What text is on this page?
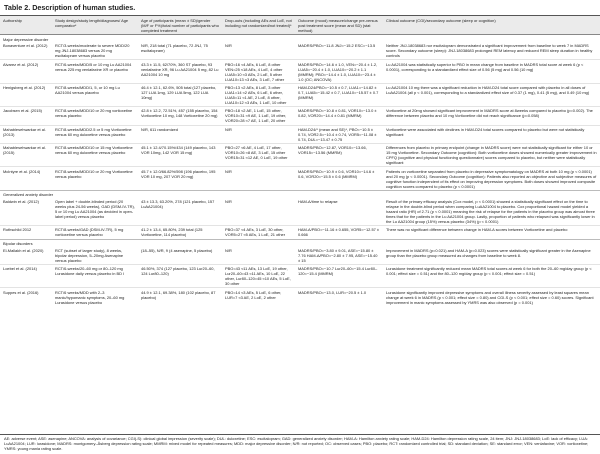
Table 2. Description of human studies.
Authorship	Study design/study length/diagnoses/ Age comparator*	Age of participants (mean ± SD)/gender (M/F or F%)/total number of participants who completed treatment	Drop-outs (including AEs and LoE, not including not randomized/not treated)*	Outcome (mood) measure/change pre-versus post treatment score (mean and SD) (stat method)	Clinical outcome (CGI)/secondary outcome (sleep or cognition)
Major depressive disorder					
Bonaventure et al. (2012)	RCT/3-weeks/moderate to severe MDD/20 mg JNJ-18038683 versus 20 mg escitalopram versus placebo	N/R, 218 total (71 placebo, 72 JNJ, 75 escitalopram)	N/R	MADRS/PBO=−11.8 JNJ=−15.2 ESC=−13.5	Neither JNJ-18038683 nor escitalopram demonstrated a significant improvement from baseline to week 7 in MADRS score. Secondary outcome (sleep): JNJ-18038683 prolonged REM latency and reduced REM sleep duration in healthy controls
Alvarez et al. (2012)	RCT/6-weeks/MDD/5 or 10 mg Lu AA21004 versus 225 mg venlafaxine XR or placebo	43.3 ± 11.5, 62/70%, 360 ST placebo, 93 venlafaxine XR, 96 Lu AA21004 5 mg, 82 Lu AA21004 10 mg	PBO=16 ≈4 AEs, 6 LoE, 8 other VEN=25 ≈18 AEs, 4 LoE, 4 other LUA5=10 ≈3 AEs, 2 LoE, 5 other LUA10=13 ≈3 AEs, 3 LoE, 7 other	MADRS/PBO=−14.6 ± 1.0, VEN=−20.4 ± 1.2, LUA5=−20.4 ± 1.0, LUA10=−20.2 ± 1.1 (MMRM); PBO=−14.4 ± 1.0, LUA10=−23.4 ± 1.0 (OC; ANCOVA)	Lu AA21004 was statistically superior to PBO in mean change from baseline in MADRS total score at week 6 (p < 0.0001), corresponding to a standardized effect size of 0.56 (5 mg) and 0.56 (10 mg)
Henigsberg et al. (2012)	RCT/8-weeks/MDD/1, 5, or 10 mg Lu AA21004 versus placebo	46.4 ± 12.1, 62.6%, 505 total (127 placebo, 127 LUA 1mg, 129 LUA 5mg, 122 LUA 10mg)	PBO=13 ≈2 AEs, 8 LoE, 3 other LUA1=14 ≈2 AEs, 6 LoE, 6 other, LUA5=11 ≈1 AE, 2 LoE, 8 other, LUA10=12 ≈3 AEs, 1 LoE, 10 other	HAM-D24/PBO=−10.5 ± 0.7, LUA1=−14.82 ± 0.7, LUA5=−15.42 ± 0.7, LUA10=−15.57 ± 0.7 (MMRM)	Lu AA21004 10 mg there was a significant reduction in HAM-D24 total score compared with placebo in all doses of LuAA21004 (all p < 0.001), corresponding to a standardized effect size of 0.37 (1 mg), 0.41 (5 mg), and 0.49 (10 mg)
Jacobsen et al. (2015)	RCT/8-weeks/MDD/10 or 20 mg vortioxetine versus placebo	42.8 ± 12.2, 72.51%, 457 (155 placebo, 154 Vortioxetine 10 mg, 148 Vortioxetine 20 mg)	PBO=18 ≈2 AE, 1 LoE, 15 other, VOR10=31 ≈9 AE, 1 LoE, 19 other, VOR20=28 ≈7 AE, 1 LoE, 20 other	MADRS/PBO=−10.8 ± 0.81, VOR10=−13.0 ± 0.82, VOR20=−14.4 ± 0.81 (MMRM)	Vortioxetine at 20mg showed significant improvement in MADRS score at 8weeks compared to placebo (p=0.002). The difference between placebo and 10 mg Vortioxetine did not reach significance (p=0.058)
Mahablesehwarkar et al. (2013)	RCT/8-weeks/MDD/2.5 or 5 mg Vortioxetine versus 60 mg duloxetine versus placebo	N/R, 611 randomized	N/R	HAM-D24/* (mean and SE)*, PBO=−10.5 ± 0.74, VOR2.5=−10.4 ± 0.74, VOR5=−11.08 ± 0.74, DUL=−13.47 ± 0.75	Vortioxetine were associated with declines in HAM-D24 total scores compared to placebo but were not statistically significant
Mahablesehwarkar et al. (2015)	RCT/8-weeks/MDD/10 or 15 mg Vortioxetine versus 60 mg duloxetine versus placebo	45.1 ± 12.4/70.15%/434 (149 placebo, 143 VOR 10mg, 142 VOR 15 mg)	PBO=27 ≈6 AE, 4 LoE, 17 other, VOR10=26 ≈8 AE, 3 LoE, 15 other VOR15=31 ≈12 AE, 0 LoE, 19 other	MADRS/PBO=−12.87, VOR10=−13.66, VOR15=−13.56 (MMRM)	Differences from placebo in primary endpoint (change in MADRS score) were not statistically significant for either 10 or 15 mg Vortioxetine. Secondary Outcome (cognition): Both vortioxetine doses showed numerically greater improvement in CPFQ (cognitive and physical functioning questionnaire) scores compared to placebo, but neither were statistically significant
McIntyre et al. (2014)	RCT/8-weeks/MDD/10 or 20 mg Vortioxetine versus placebo	45.7 ± 12.0/66.82%/598 (196 placebo, 195 VOR 10 mg, 207 VOR 20 mg)	N/R	MADRS/PBO=−10.9 ± 0.6, VOR10=−14.6 ± 0.6, VOR20=−15.5 ± 0.6 (MMRM)	Patients on vortioxetine separated from placebo in depressive symptomatology on MADRS at both 10 mg (p < 0.0001) and 20 mg (p < 0.0001). Secondary Outcome (cognition): Patients also reported an objective and subjective measures of cognitive function independent of its effect on improving depression symptoms. Both doses showed improved composite cognition scores compared to placebo (p < 0.0001)
Generalized anxiety disorder					
Baldwin et al. (2012)	Open label + double-blinded period (20 weeks plus 24-56 weeks), GAD (DSM-IV-TR), 5 or 10 mg Lu AA21004 (as decided in open-label period) versus placebo	43 ± 13.3, 63.20%, 278 (121 placebo, 157 LuAA21004)	N/R	HAM-A/time to relapse	Result of the primary efficacy analysis (Cox model, p < 0.0001) showed a statistically significant effect on the time to relapse in the double-blind period when comparing LuAA21004 to placebo. Cox proportional hazard model yielded a hazard ratio (HR) of 2.71 (p < 0.0001) meaning the risk of relapse for the patients in the placebo group was almost three times that for the patients in the Lu AA21004 group. Lastly, proportion of patients who relapsed was significantly lower in the Lu AA21004 group (15%) versus placebo (34%) (p < 0.0001)
Rothschild 2012	RCT/8-weeks/GAD (DSM-IV-TR), 5 mg vortioxetine versus placebo	41.2 ± 13.4, 65.80%, 239 total (125 Vortioxetine, 114 placebo)	PBO=37 ≈4 AEs, 3 LoE, 30 other, VOR5=27 ≈5 AEs, 1 LoE, 21 other	HAM-A/PBO=−11.16 ± 0.655, VOR5=−12.57 ± 0.666	There was no significant difference between change in HAM-A scores between Vortioxetine and placebo
Bipolar disorders					
El-Mallakh et al. (2020)	RCT (subset of larger study), 8 weeks, bipolar depression, 5–20mg Asenapine versus placebo	(18–55), N/R, 9 (4 asenapine, 5 placebo)	N/R	MADRS/PBO=−3.80 ± 9.01, ASE=−15.80 ± 7.76 HAM-A/PBO=−2.80 ± 7.95, ASE=−15.40 ± 15	Improvement in MADRS (p=0.021) and HAM-A (p=0.023) scores were statistically significant greater in the Asenapine group than the placebo group measured as changes from baseline to week 8.
Loebel et al. (2014)	RCT/6-weeks/20–60 mg or 80–120 mg Lurasidone daily versus placebo in BD I	46.50%, 374 (127 placebo, 123 Lur20–60, 124 Lur80–120)	PBO=43 ≈11 AEs, 13 LoE, 19 other, Lur20–60=43 ≈11 AEs, 10 LoE, 22 other, Lur80–120=45 ≈10 AEs, 5 LoE, 30 other	MADRS/PBO=−10.7 Lur20–60=−15.4 Lur80–120=−15.4 (MMRM)	Lurasidone treatment significantly reduced mean MADRS total scores at week 6 for both the 20–60 mg/day group (p < 0.001; effect size = 0.51) and the 80–120 mg/day group (p < 0.001; effect size = 0.51)
Suppes et al. (2016)	RCT/6 weeks/MDD with 2–3 manic/hypomanic symptoms, 20–60 mg Lurasidone versus placebo	44.9 ± 12.1, 69.38%, 180 (102 placebo, 87 placebo)	PBO=14 ≈3 AEs, 5 LoE, 6 other, LUR=7 ≈3 AE, 2 LoE, 2 other	MADRS/PBO=−13.0, LUR=−20.5 ± 1.0	Lurasidone significantly improved depressive symptoms and overall illness severity assessed by least squares mean change at week 6 in MADRS (p < 0.001; effect size = 0.80) and CGI-S (p < 0.001; effect size = 0.60) scores. Significant improvement in manic symptoms assessed by YMRS was also observed (p = 0.001)
AE: adverse event; ASE: asenapine; ANCOVA: analysis of covariance; CGI(-S): clinical global impression (severity scale); DUL: duloxetine; ESC: escitalopram; GAD: generalized anxiety disorder; HAM-A: Hamilton anxiety rating scale; HAM-D24: Hamilton depression rating scale, 24 item; JNJ: JNJ-18038683; LoE: lack of efficacy; LUA: LuAA21004; LUR: lurasidone; MADRS: montgomery–Åsberg depression rating scale; MMRM: mixed model for repeated measures; MDD: major depressive disorder; N/R: not reported; OC: observed cases; PBO: placebo; RCT: randomized controlled trial; SD: standard deviation; SE: standard error; VEN: venlafaxine; VOR: vortioxetine; YMRS: young mania rating scale.
